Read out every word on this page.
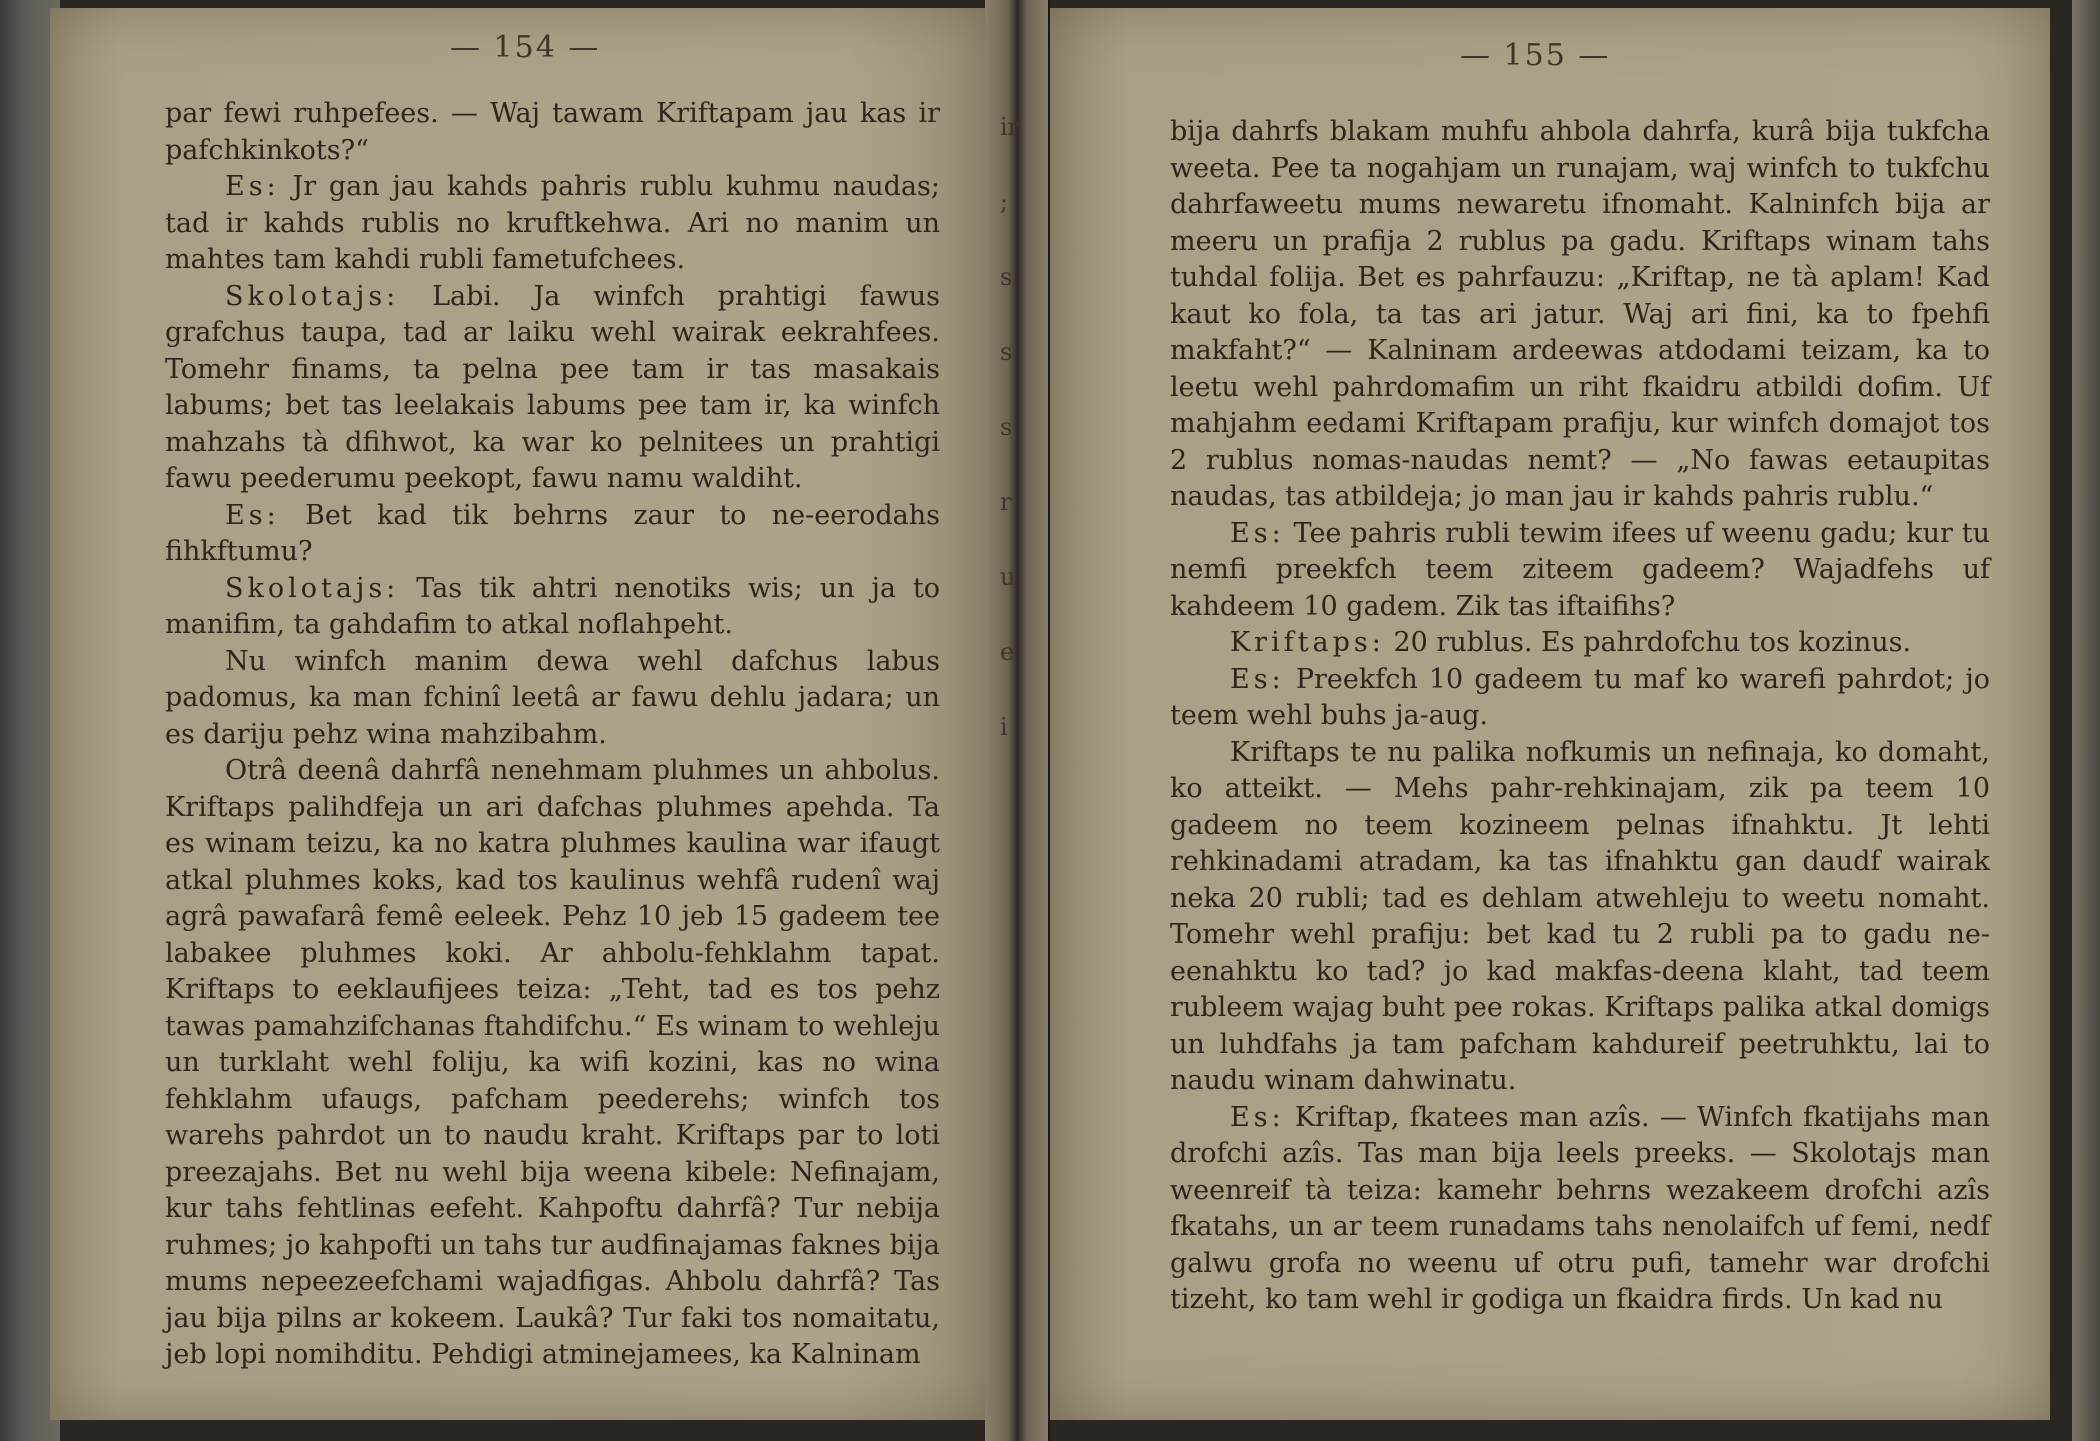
— 154 —

par fewi ruhpefees. — Waj tawam Kriftapam jau kas ir pafchkinkots?“

Es: Jr gan jau kahds pahris rublu kuhmu naudas; tad ir kahds rublis no kruftkehwa. Ari no manim un mahtes tam kahdi rubli fametufchees.

Skolotajs: Labi. Ja winfch prahtigi fawus grafchus taupa, tad ar laiku wehl wairak eekrahfees. Tomehr finams, ta pelna pee tam ir tas masakais labums; bet tas leelakais labums pee tam ir, ka winfch mahzahs tà dfihwot, ka war ko pelnitees un prahtigi fawu peederumu peekopt, fawu namu waldiht.

Es: Bet kad tik behrns zaur to ne-eerodahs fihkftumu?

Skolotajs: Tas tik ahtri nenotiks wis; un ja to manifim, ta gahdafim to atkal noflahpeht.

Nu winfch manim dewa wehl dafchus labus padomus, ka man fchinî leetâ ar fawu dehlu jadara; un es dariju pehz wina mahzibahm.

Otrâ deenâ dahrfâ nenehmam pluhmes un ahbolus. Kriftaps palihdfeja un ari dafchas pluhmes apehda. Ta es winam teizu, ka no katra pluhmes kaulina war ifaugt atkal pluhmes koks, kad tos kaulinus wehfâ rudenî waj agrâ pawafarâ femê eeleek. Pehz 10 jeb 15 gadeem tee labakee pluhmes koki. Ar ahbolu-fehklahm tapat. Kriftaps to eeklaufijees teiza: „Teht, tad es tos pehz tawas pamahzifchanas ftahdifchu.“ Es winam to wehleju un turklaht wehl foliju, ka wifi kozini, kas no wina fehklahm ufaugs, pafcham peederehs; winfch tos warehs pahrdot un to naudu kraht. Kriftaps par to loti preezajahs. Bet nu wehl bija weena kibele: Nefinajam, kur tahs fehtlinas eefeht. Kahpoftu dahrfâ? Tur nebija ruhmes; jo kahpofti un tahs tur audfinajamas faknes bija mums nepeezeefchami wajadfigas. Ahbolu dahrfâ? Tas jau bija pilns ar kokeem. Laukâ? Tur faki tos nomaitatu, jeb lopi nomihditu. Pehdigi atminejamees, ka Kalninam

ir
;
s
s
s
r
u
e
i
— 155 —

bija dahrfs blakam muhfu ahbola dahrfa, kurâ bija tukfcha weeta. Pee ta nogahjam un runajam, waj winfch to tukfchu dahrfaweetu mums newaretu ifnomaht. Kalninfch bija ar meeru un prafija 2 rublus pa gadu. Kriftaps winam tahs tuhdal folija. Bet es pahrfauzu: „Kriftap, ne tà aplam! Kad kaut ko fola, ta tas ari jatur. Waj ari fini, ka to fpehfi makfaht?“ — Kalninam ardeewas atdodami teizam, ka to leetu wehl pahrdomafim un riht fkaidru atbildi dofim. Uf mahjahm eedami Kriftapam prafiju, kur winfch domajot tos 2 rublus nomas-naudas nemt? — „No fawas eetaupitas naudas, tas atbildeja; jo man jau ir kahds pahris rublu.“

Es: Tee pahris rubli tewim ifees uf weenu gadu; kur tu nemfi preekfch teem ziteem gadeem? Wajadfehs uf kahdeem 10 gadem. Zik tas iftaifihs?

Kriftaps: 20 rublus. Es pahrdofchu tos kozinus.

Es: Preekfch 10 gadeem tu maf ko warefi pahrdot; jo teem wehl buhs ja-aug.

Kriftaps te nu palika nofkumis un nefinaja, ko domaht, ko atteikt. — Mehs pahr-rehkinajam, zik pa teem 10 gadeem no teem kozineem pelnas ifnahktu. Jt lehti rehkinadami atradam, ka tas ifnahktu gan daudf wairak neka 20 rubli; tad es dehlam atwehleju to weetu nomaht. Tomehr wehl prafiju: bet kad tu 2 rubli pa to gadu ne-eenahktu ko tad? jo kad makfas-deena klaht, tad teem rubleem wajag buht pee rokas. Kriftaps palika atkal domigs un luhdfahs ja tam pafcham kahdureif peetruhktu, lai to naudu winam dahwinatu.

Es: Kriftap, fkatees man azîs. — Winfch fkatijahs man drofchi azîs. Tas man bija leels preeks. — Skolotajs man weenreif tà teiza: kamehr behrns wezakeem drofchi azîs fkatahs, un ar teem runadams tahs nenolaifch uf femi, nedf galwu grofa no weenu uf otru pufi, tamehr war drofchi tizeht, ko tam wehl ir godiga un fkaidra firds. Un kad nu
